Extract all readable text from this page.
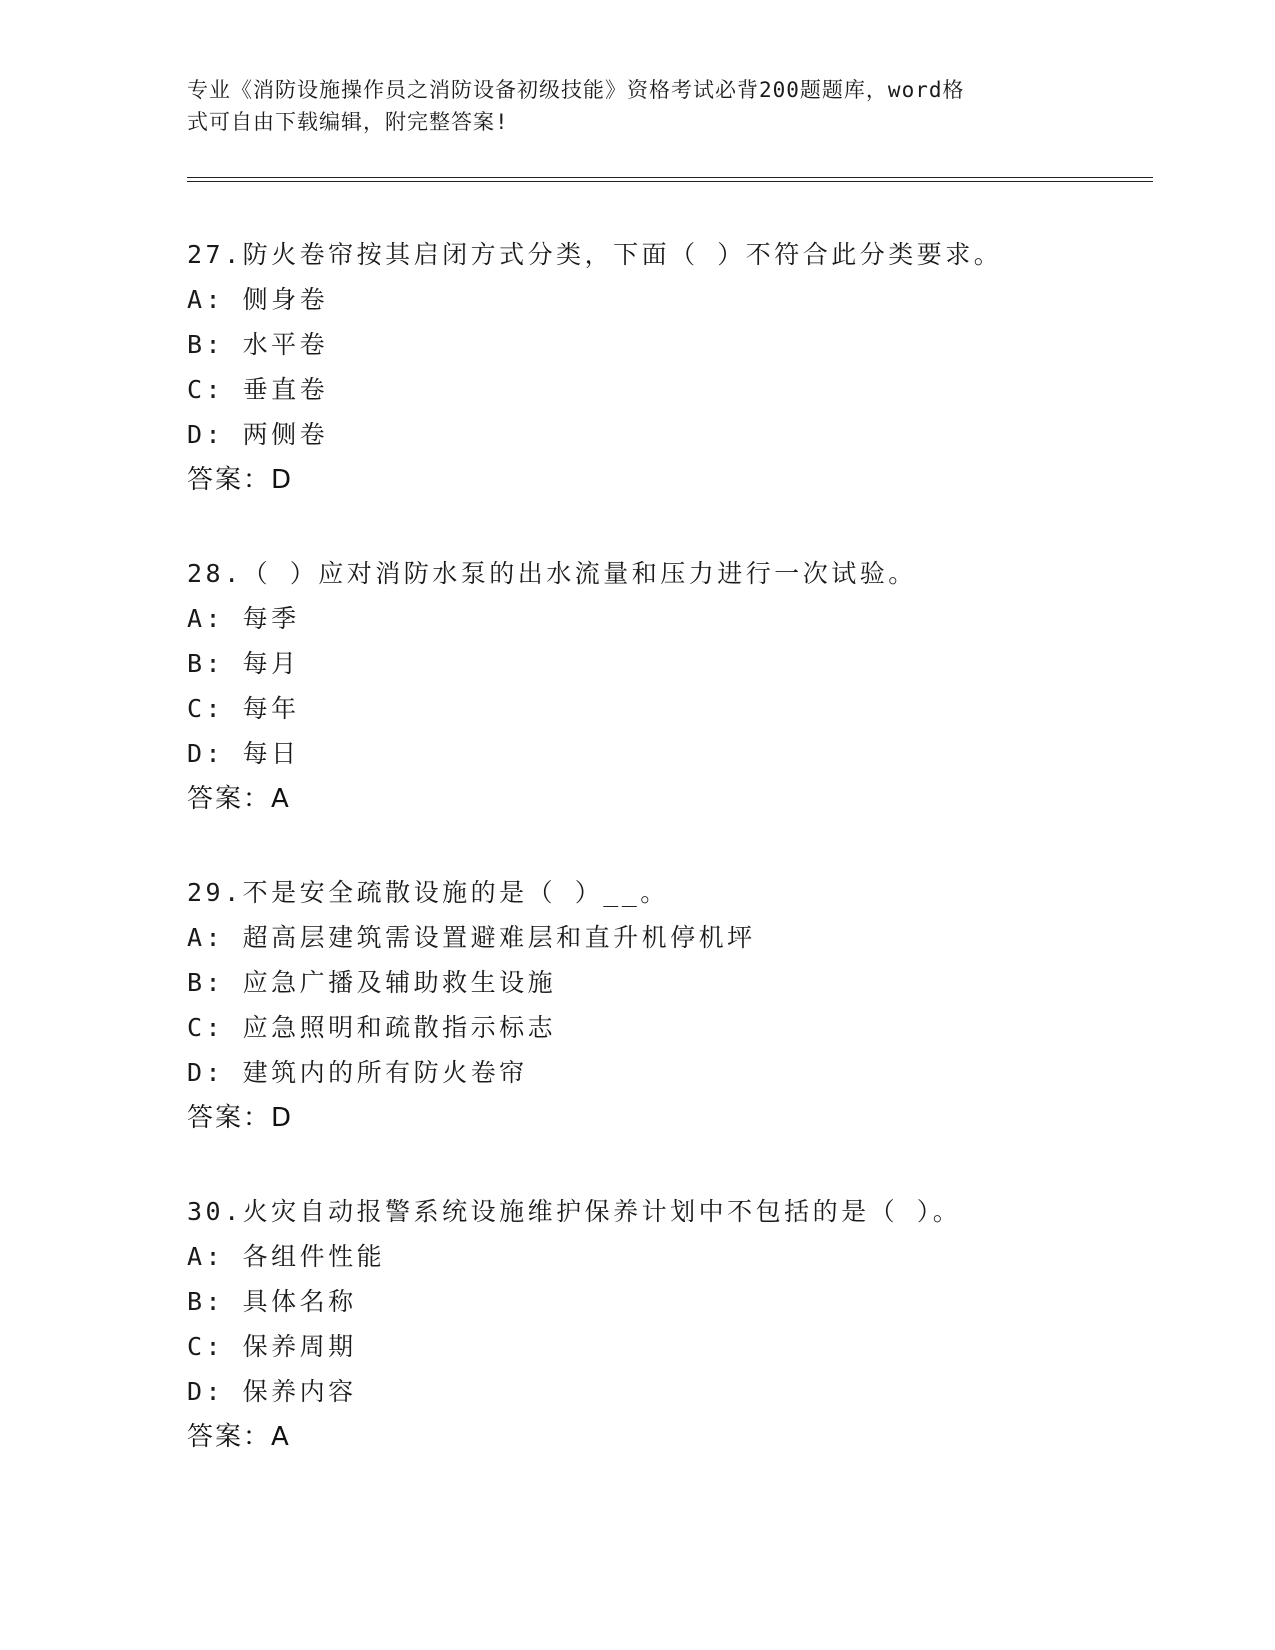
专业《消防设施操作员之消防设备初级技能》资格考试必背200题题库，word格
式可自由下载编辑，附完整答案!

27.防火卷帘按其启闭方式分类，下面（ ）不符合此分类要求。

A: 侧身卷

B: 水平卷

C: 垂直卷

D: 两侧卷

答案：D

28.（ ）应对消防水泵的出水流量和压力进行一次试验。

A: 每季

B: 每月

C: 每年

D: 每日

答案：A

29.不是安全疏散设施的是（ ）__。

A: 超高层建筑需设置避难层和直升机停机坪

B: 应急广播及辅助救生设施

C: 应急照明和疏散指示标志

D: 建筑内的所有防火卷帘

答案：D

30.火灾自动报警系统设施维护保养计划中不包括的是（ ）。

A: 各组件性能

B: 具体名称

C: 保养周期

D: 保养内容

答案：A
